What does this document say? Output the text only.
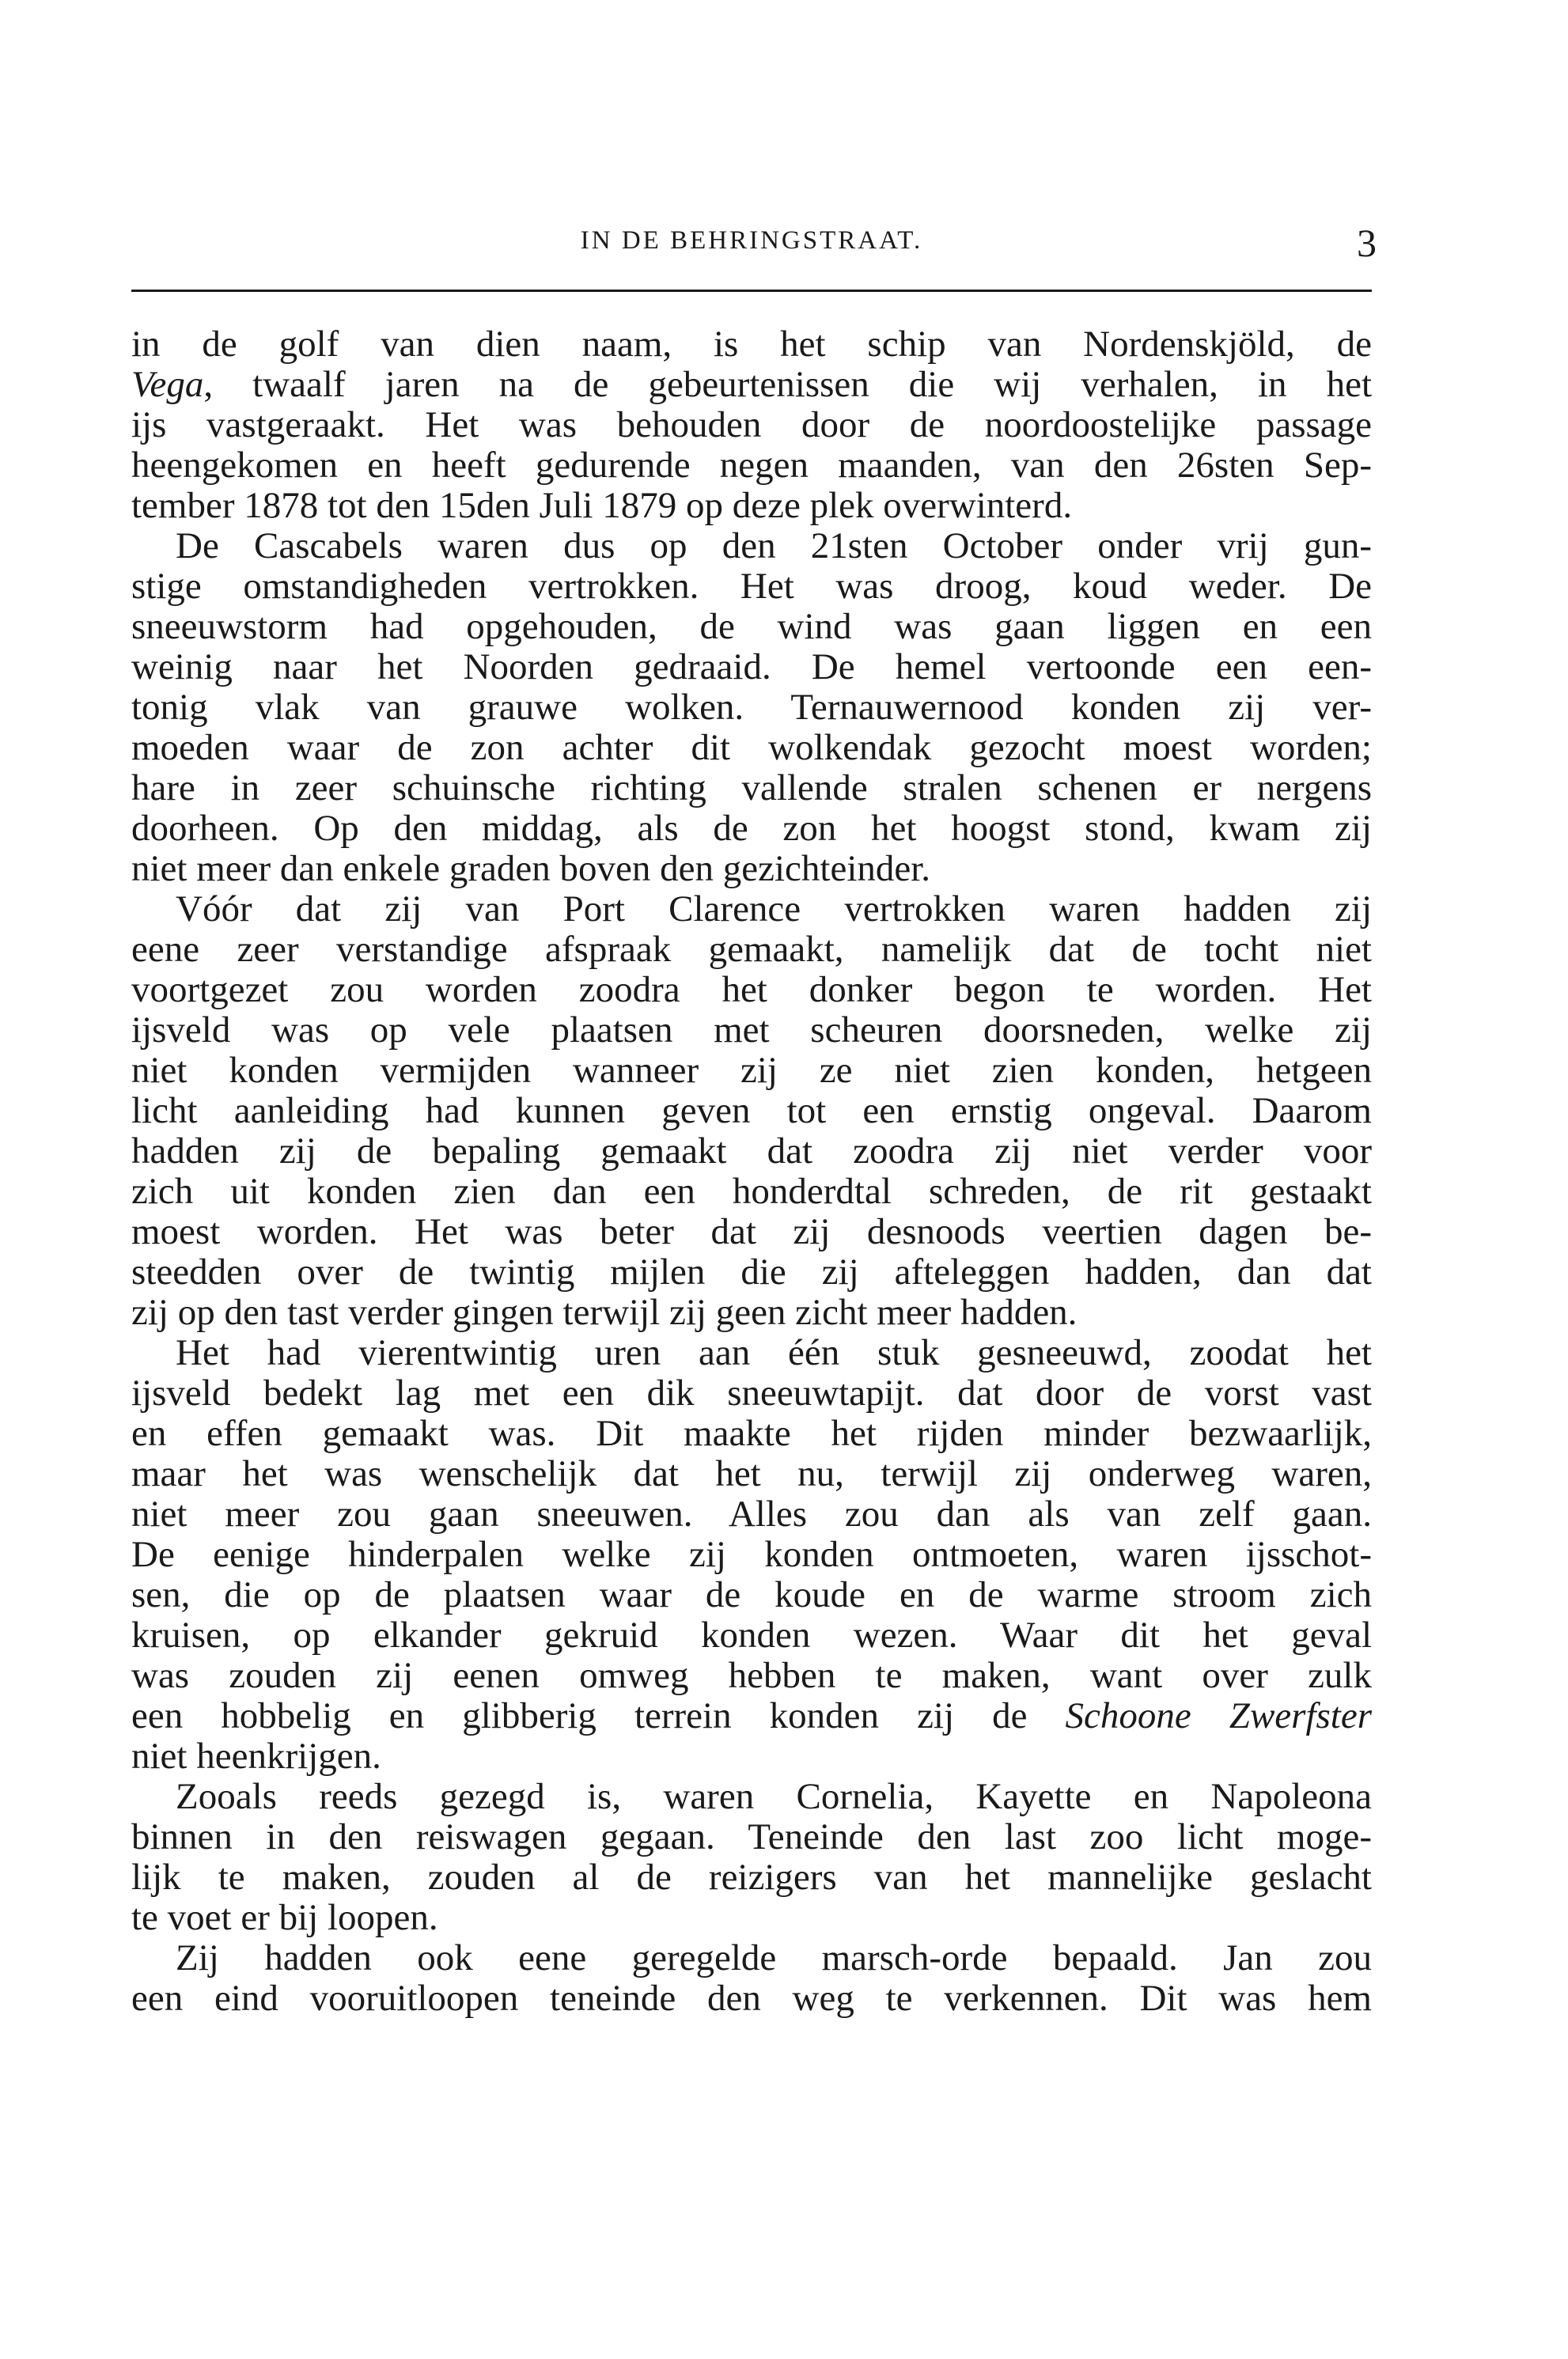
IN DE BEHRINGSTRAAT.	3
in de golf van dien naam, is het schip van Nordenskjöld, de
Vega, twaalf jaren na de gebeurtenissen die wij verhalen, in het
ijs vastgeraakt. Het was behouden door de noordoostelijke passage
heengekomen en heeft gedurende negen maanden, van den 26sten Sep-
tember 1878 tot den 15den Juli 1879 op deze plek overwinterd.
De Cascabels waren dus op den 21sten October onder vrij gun-
stige omstandigheden vertrokken. Het was droog, koud weder. De
sneeuwstorm had opgehouden, de wind was gaan liggen en een
weinig naar het Noorden gedraaid. De hemel vertoonde een een-
tonig vlak van grauwe wolken. Ternauwernood konden zij ver-
moeden waar de zon achter dit wolkendak gezocht moest worden;
hare in zeer schuinsche richting vallende stralen schenen er nergens
doorheen. Op den middag, als de zon het hoogst stond, kwam zij
niet meer dan enkele graden boven den gezichteinder.
Vóór dat zij van Port Clarence vertrokken waren hadden zij
eene zeer verstandige afspraak gemaakt, namelijk dat de tocht niet
voortgezet zou worden zoodra het donker begon te worden. Het
ijsveld was op vele plaatsen met scheuren doorsneden, welke zij
niet konden vermijden wanneer zij ze niet zien konden, hetgeen
licht aanleiding had kunnen geven tot een ernstig ongeval. Daarom
hadden zij de bepaling gemaakt dat zoodra zij niet verder voor
zich uit konden zien dan een honderdtal schreden, de rit gestaakt
moest worden. Het was beter dat zij desnoods veertien dagen be-
steedden over de twintig mijlen die zij afteleggen hadden, dan dat
zij op den tast verder gingen terwijl zij geen zicht meer hadden.
Het had vierentwintig uren aan één stuk gesneeuwd, zoodat het
ijsveld bedekt lag met een dik sneeuwtapijt. dat door de vorst vast
en effen gemaakt was. Dit maakte het rijden minder bezwaarlijk,
maar het was wenschelijk dat het nu, terwijl zij onderweg waren,
niet meer zou gaan sneeuwen. Alles zou dan als van zelf gaan.
De eenige hinderpalen welke zij konden ontmoeten, waren ijsschot-
sen, die op de plaatsen waar de koude en de warme stroom zich
kruisen, op elkander gekruid konden wezen. Waar dit het geval
was zouden zij eenen omweg hebben te maken, want over zulk
een hobbelig en glibberig terrein konden zij de Schoone Zwerfster
niet heenkrijgen.
Zooals reeds gezegd is, waren Cornelia, Kayette en Napoleona
binnen in den reiswagen gegaan. Teneinde den last zoo licht moge-
lijk te maken, zouden al de reizigers van het mannelijke geslacht
te voet er bij loopen.
Zij hadden ook eene geregelde marsch-orde bepaald. Jan zou
een eind vooruitloopen teneinde den weg te verkennen. Dit was hem
